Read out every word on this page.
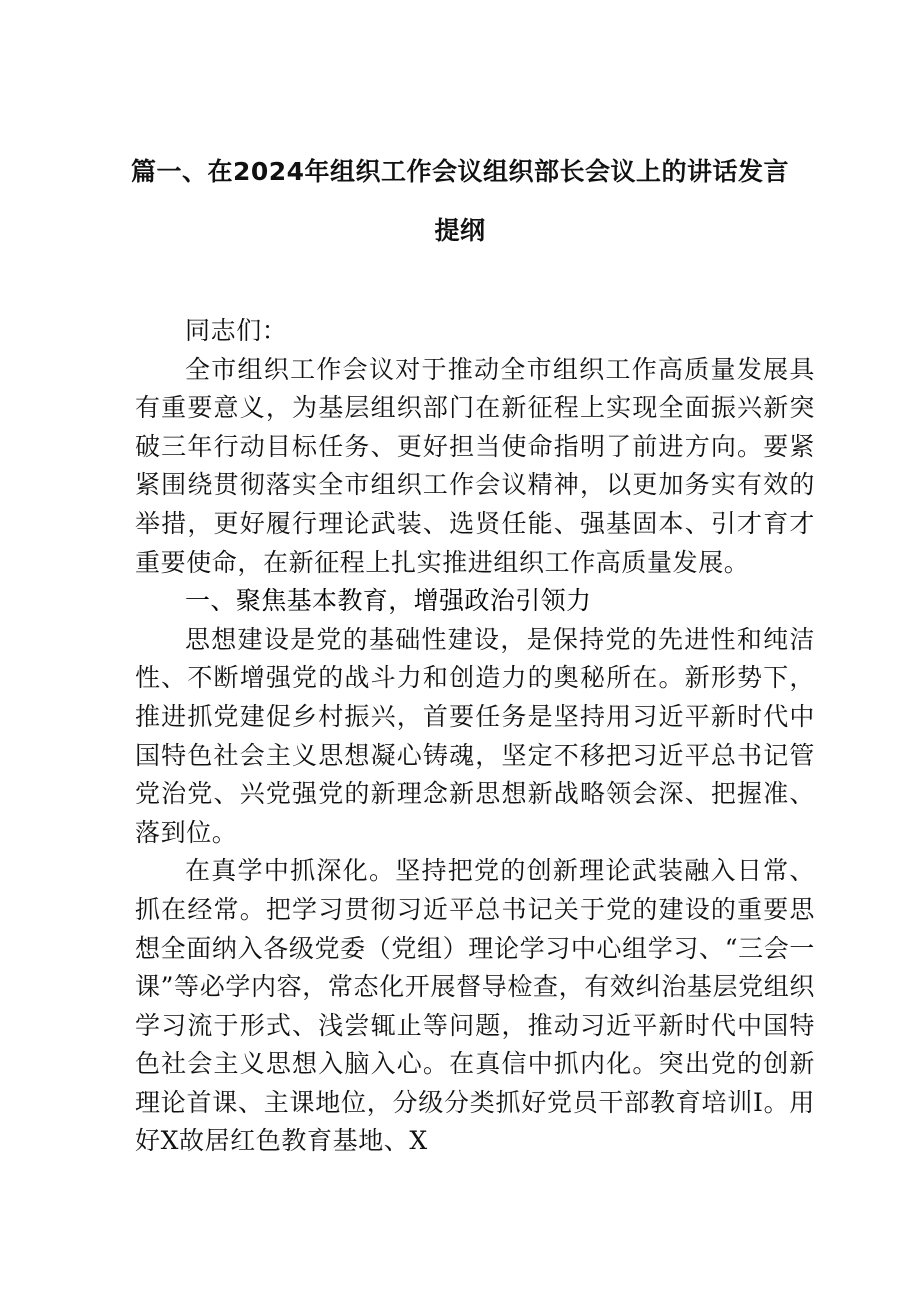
篇一、在2024年组织工作会议组织部长会议上的讲话发言
提纲

同志们：

全市组织工作会议对于推动全市组织工作高质量发展具有重要意义，为基层组织部门在新征程上实现全面振兴新突破三年行动目标任务、更好担当使命指明了前进方向。要紧紧围绕贯彻落实全市组织工作会议精神，以更加务实有效的举措，更好履行理论武装、选贤任能、强基固本、引才育才重要使命，在新征程上扎实推进组织工作高质量发展。

一、聚焦基本教育，增强政治引领力

思想建设是党的基础性建设，是保持党的先进性和纯洁性、不断增强党的战斗力和创造力的奥秘所在。新形势下，推进抓党建促乡村振兴，首要任务是坚持用习近平新时代中国特色社会主义思想凝心铸魂，坚定不移把习近平总书记管党治党、兴党强党的新理念新思想新战略领会深、把握准、落到位。

在真学中抓深化。坚持把党的创新理论武装融入日常、抓在经常。把学习贯彻习近平总书记关于党的建设的重要思想全面纳入各级党委（党组）理论学习中心组学习、“三会一课”等必学内容，常态化开展督导检查，有效纠治基层党组织学习流于形式、浅尝辄止等问题，推动习近平新时代中国特色社会主义思想入脑入心。在真信中抓内化。突出党的创新理论首课、主课地位，分级分类抓好党员干部教育培训I。用好X故居红色教育基地、X
